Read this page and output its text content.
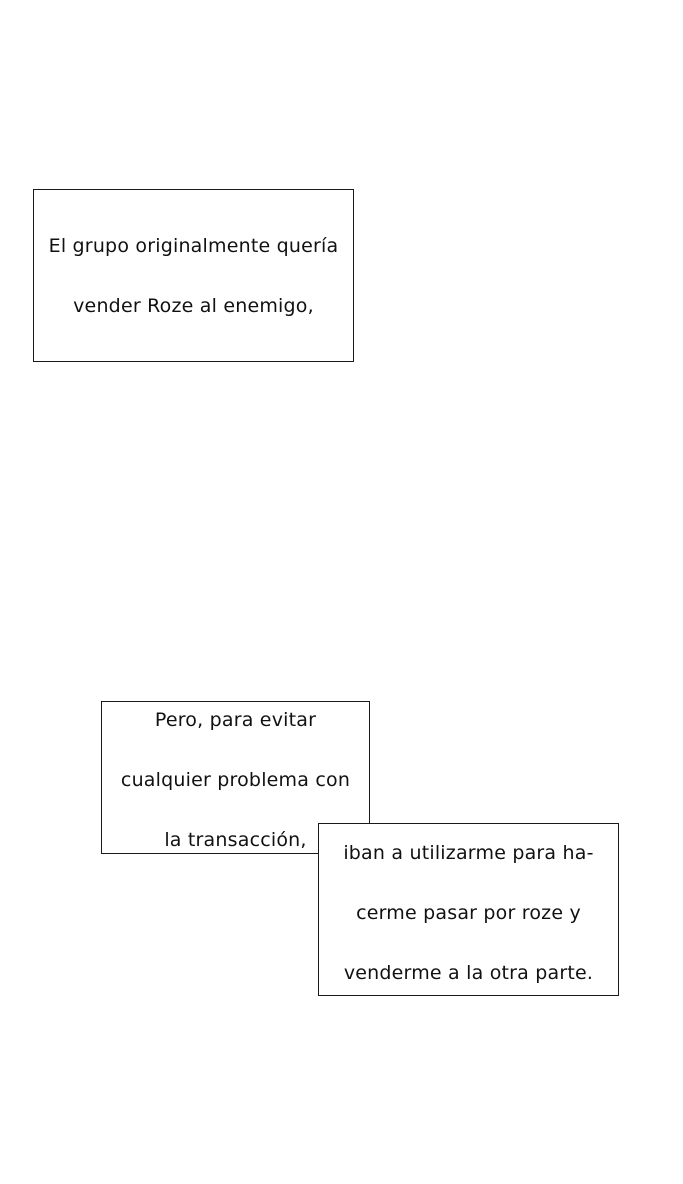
El grupo originalmente quería

vender Roze al enemigo,

Pero, para evitar

cualquier problema con

la transacción,

iban a utilizarme para ha-

cerme pasar por roze y

venderme a la otra parte.
